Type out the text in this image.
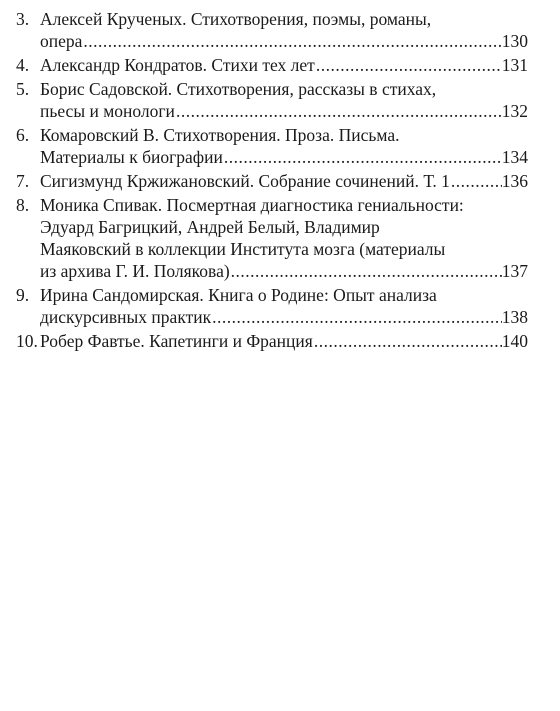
3. Алексей Крученых. Стихотворения, поэмы, романы,
опера .....	130
4. Александр Кондратов. Стихи тех лет .....	131
5. Борис Садовской. Стихотворения, рассказы в стихах,
пьесы и монологи .....	132
6. Комаровский В. Стихотворения. Проза. Письма.
Материалы к биографии .....	134
7. Сигизмунд Кржижановский. Собрание сочинений. Т. 1 .....	136
8. Моника Спивак. Посмертная диагностика гениальности:
Эдуард Багрицкий, Андрей Белый, Владимир
Маяковский в коллекции Института мозга (материалы
из архива Г. И. Полякова) .....	137
9. Ирина Сандомирская. Книга о Родине: Опыт анализа
дискурсивных практик .....	138
10. Робер Фавтье. Капетинги и Франция .....	140
